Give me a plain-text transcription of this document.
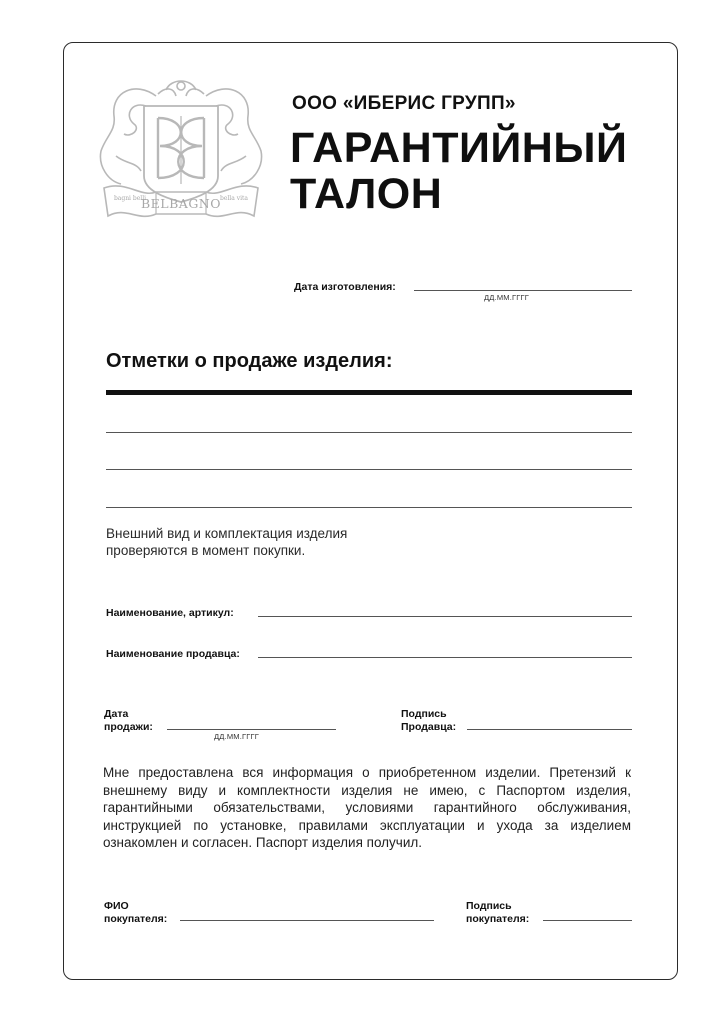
BELBAGNO
bagni belli	bella vita
ООО «ИБЕРИС ГРУПП»
ГАРАНТИЙНЫЙ
ТАЛОН
Дата изготовления:
ДД.ММ.ГГГГ
Отметки о продаже изделия:
Внешний вид и комплектация изделия
проверяются в момент покупки.
Наименование, артикул:
Наименование продавца:
Дата
продажи:
ДД.ММ.ГГГГ
Подпись
Продавца:
Мне предоставлена вся информация о приобретенном изделии. Претензий к внешнему виду и комплектности изделия не имею, с Паспортом изделия, гарантийными обязательствами, условиями гарантийного обслуживания, инструкцией по установке, правилами эксплуатации и ухода за изделием ознакомлен и согласен. Паспорт изделия получил.
ФИО
покупателя:
Подпись
покупателя:
